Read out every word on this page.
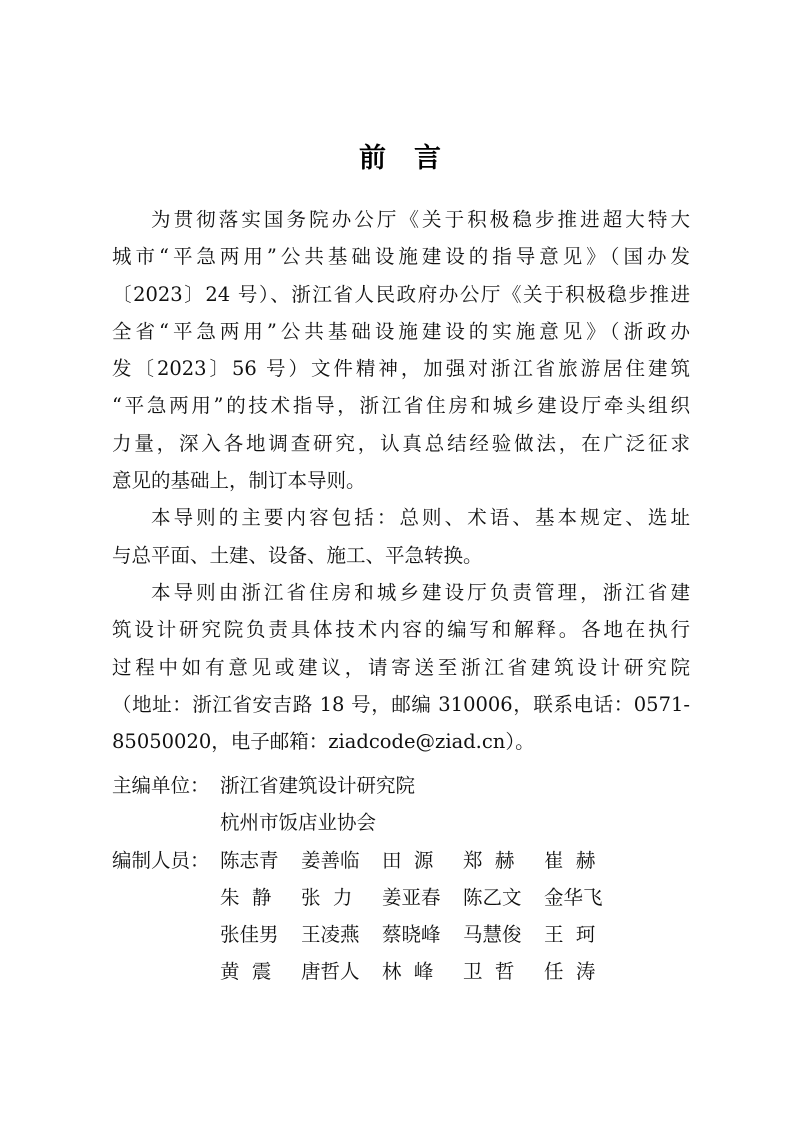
前言

为贯彻落实国务院办公厅《关于积极稳步推进超大特大

城市“平急两用”公共基础设施建设的指导意见》（国办发
〔2023〕24 号）、浙江省人民政府办公厅《关于积极稳步推进
全省“平急两用”公共基础设施建设的实施意见》（浙政办
发〔2023〕56 号）文件精神，加强对浙江省旅游居住建筑
“平急两用”的技术指导，浙江省住房和城乡建设厅牵头组织
力量，深入各地调查研究，认真总结经验做法，在广泛征求
意见的基础上，制订本导则。

本导则的主要内容包括：总则、术语、基本规定、选址

与总平面、土建、设备、施工、平急转换。

本导则由浙江省住房和城乡建设厅负责管理，浙江省建

筑设计研究院负责具体技术内容的编写和解释。各地在执行
过程中如有意见或建议，请寄送至浙江省建筑设计研究院
（地址：浙江省安吉路 18 号，邮编 310006，联系电话：0571-
85050020，电子邮箱：ziadcode@ziad.cn）。
主编单位： 浙江省建筑设计研究院
杭州市饭店业协会
编制人员： 陈志青	姜善临	田  源	郑  赫	崔  赫
朱  静	张  力	姜亚春	陈乙文	金华飞
张佳男	王凌燕	蔡晓峰	马慧俊	王  珂
黄  震	唐哲人	林  峰	卫  哲	任  涛
